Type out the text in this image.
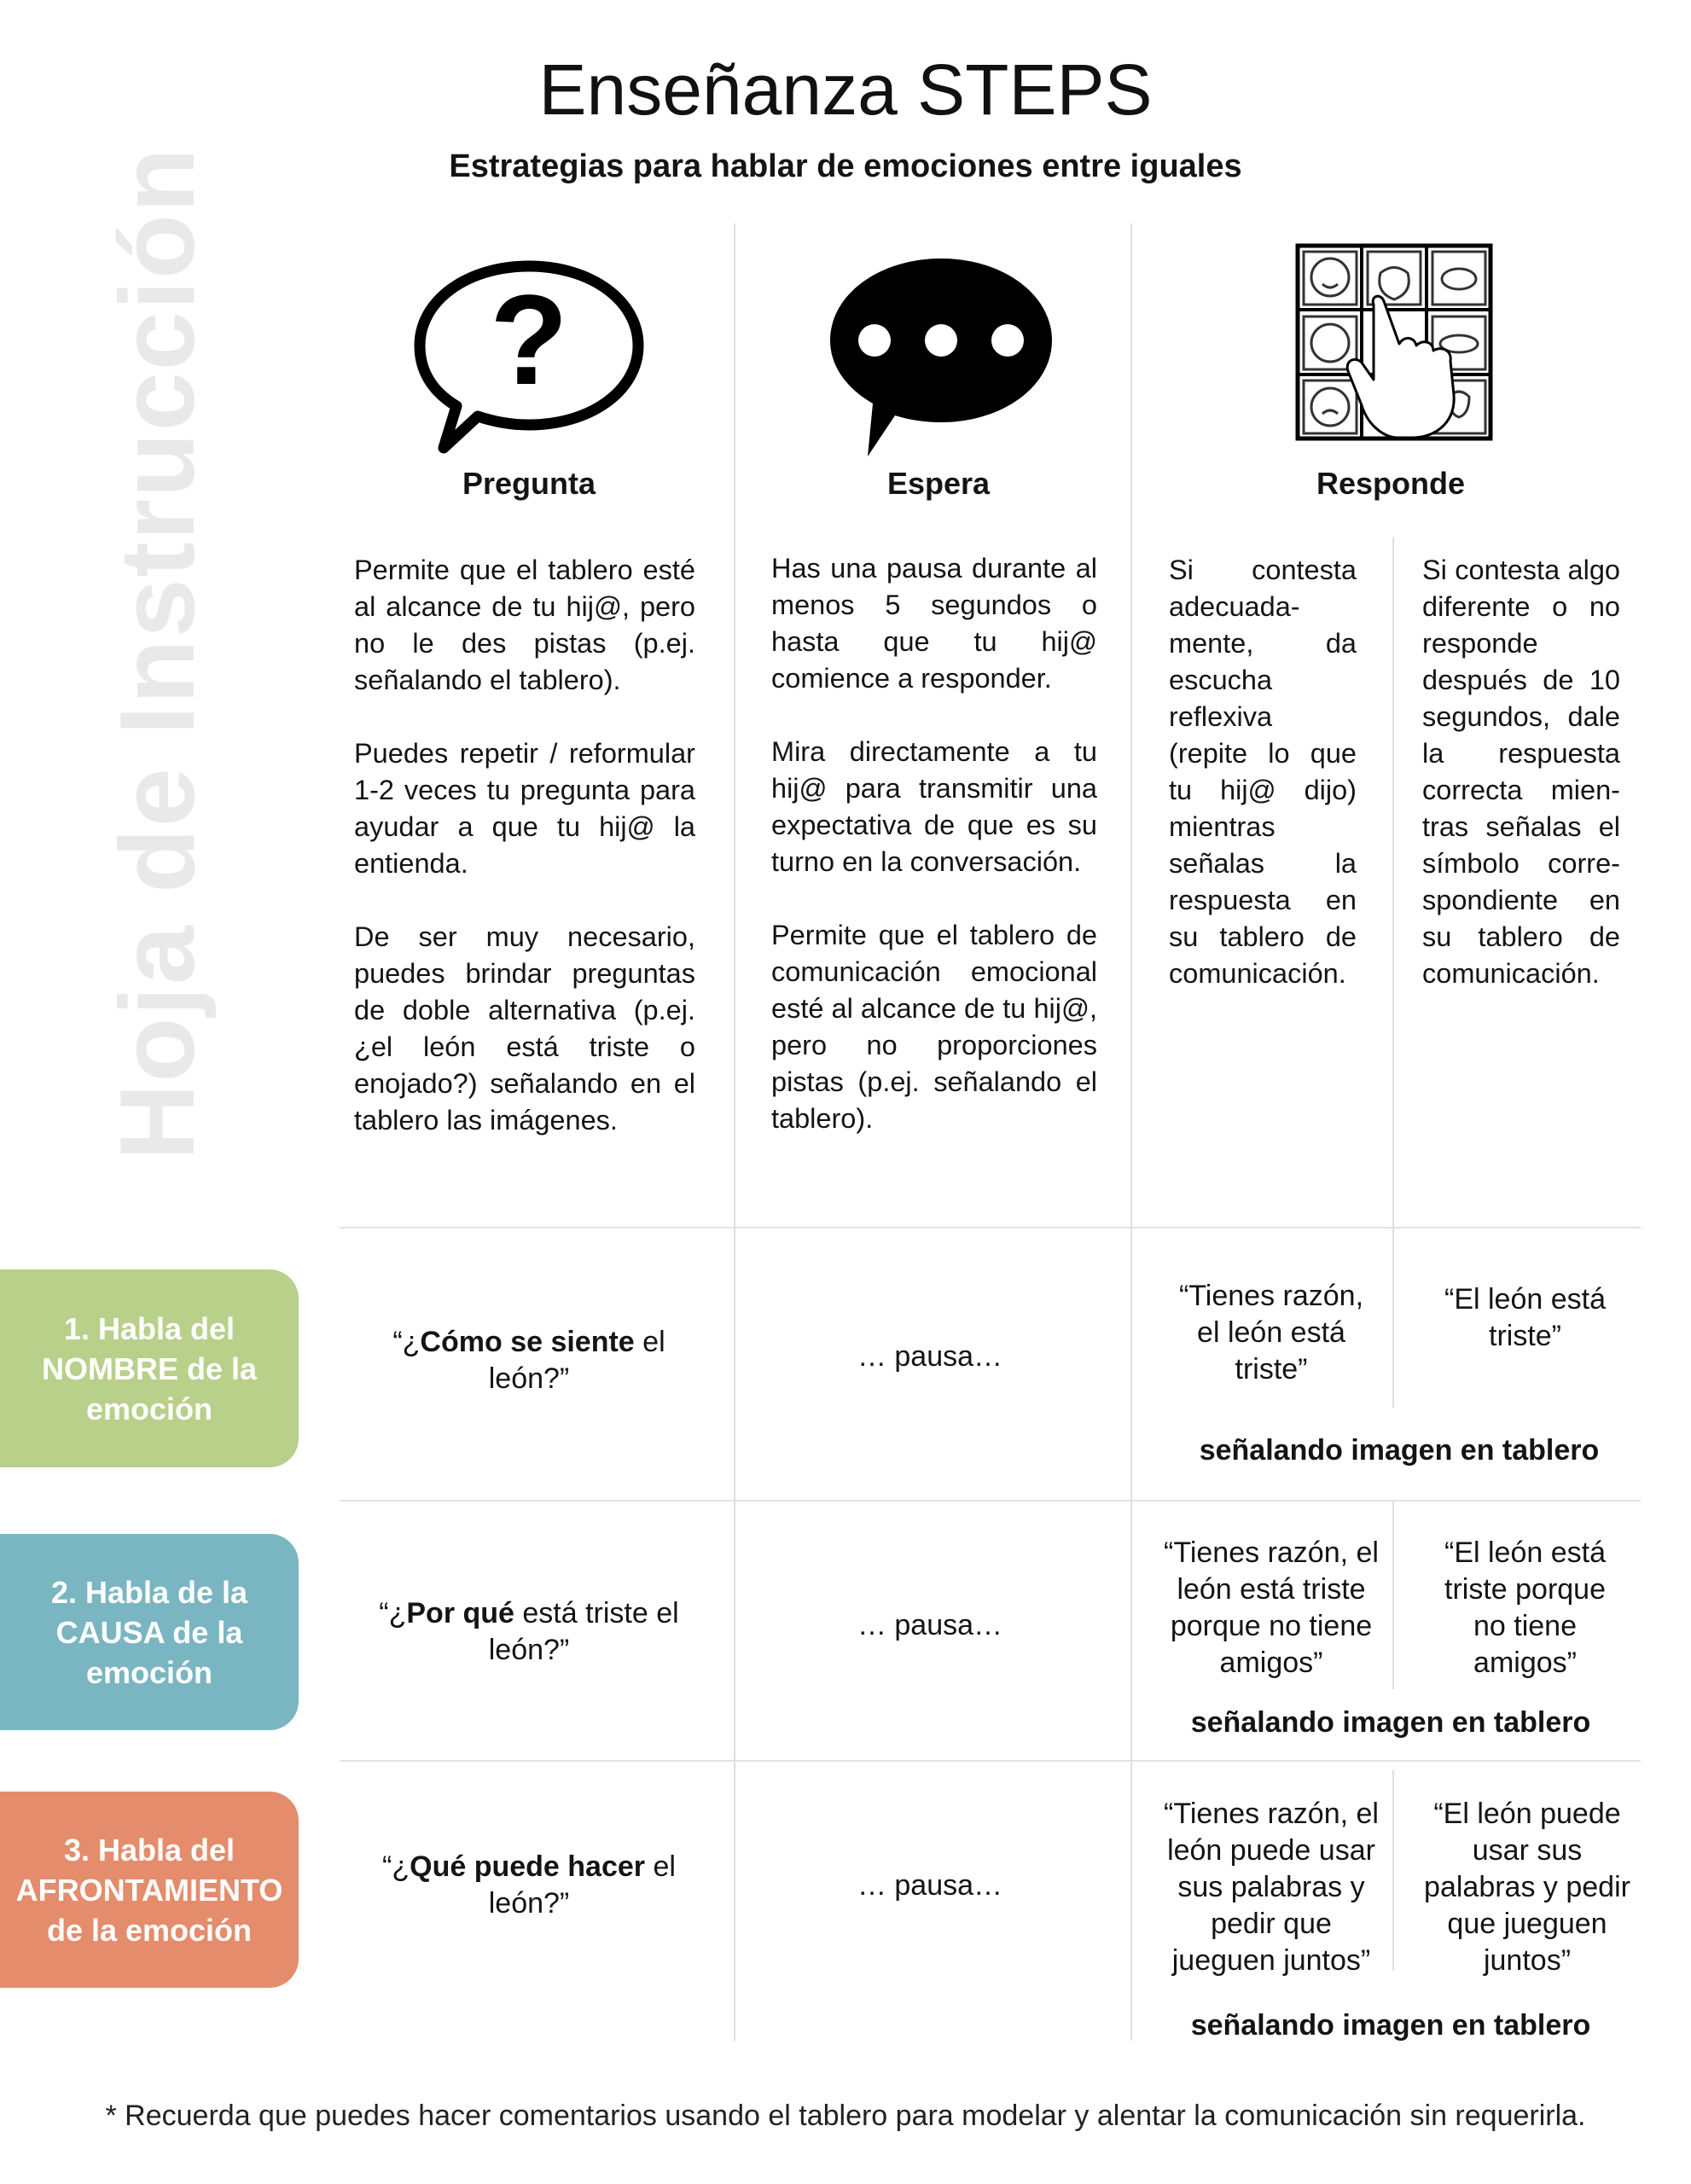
Enseñanza STEPS
Estrategias para hablar de emociones entre iguales
Hoja de Instrucción ?
Pregunta	Espera	Responde

Permite que el tablero esté al alcance de tu hij@, pero no le des pistas (p.ej. señalando el tablero).

Puedes repetir / reformular 1-2 veces tu pregunta para ayudar a que tu hij@ la entienda.

De ser muy necesario, puedes brindar preguntas de doble alternativa (p.ej.¿el león está triste o enojado?) señalando en el tablero las imágenes.

Has una pausa durante al menos 5 segundos o hasta que tu hij@ comience a responder.

Mira directamente a tu hij@ para transmitir una expectativa de que es su turno en la conversación.

Permite que el tablero de comunicación emocional esté al alcance de tu hij@, pero no proporciones pistas (p.ej. señalando el tablero).

Si contesta adecuada-mente, da escucha reflexiva (repite lo que tu hij@ dijo) mientras señalas la respuesta en su tablero de comunicación.

Si contesta algo diferente o no responde después de 10 segundos, dale la respuesta correcta mien-tras señalas el símbolo corre-spondiente en su tablero de comunicación.

1. Habla del NOMBRE de la emoción
2. Habla de la CAUSA de la emoción
3. Habla del AFRONTAMIENTO de la emoción
“¿Cómo se siente el león?”
… pausa…
“Tienes razón, el león está triste”
“El león está triste”
señalando imagen en tablero
“¿Por qué está triste el león?”
… pausa…
“Tienes razón, el león está triste porque no tiene amigos”
“El león está triste porque no tiene amigos”
señalando imagen en tablero
“¿Qué puede hacer el león?”
… pausa…
“Tienes razón, el león puede usar sus palabras y pedir que jueguen juntos”
“El león puede usar sus palabras y pedir que jueguen juntos”
señalando imagen en tablero
* Recuerda que puedes hacer comentarios usando el tablero para modelar y alentar la comunicación sin requerirla.
